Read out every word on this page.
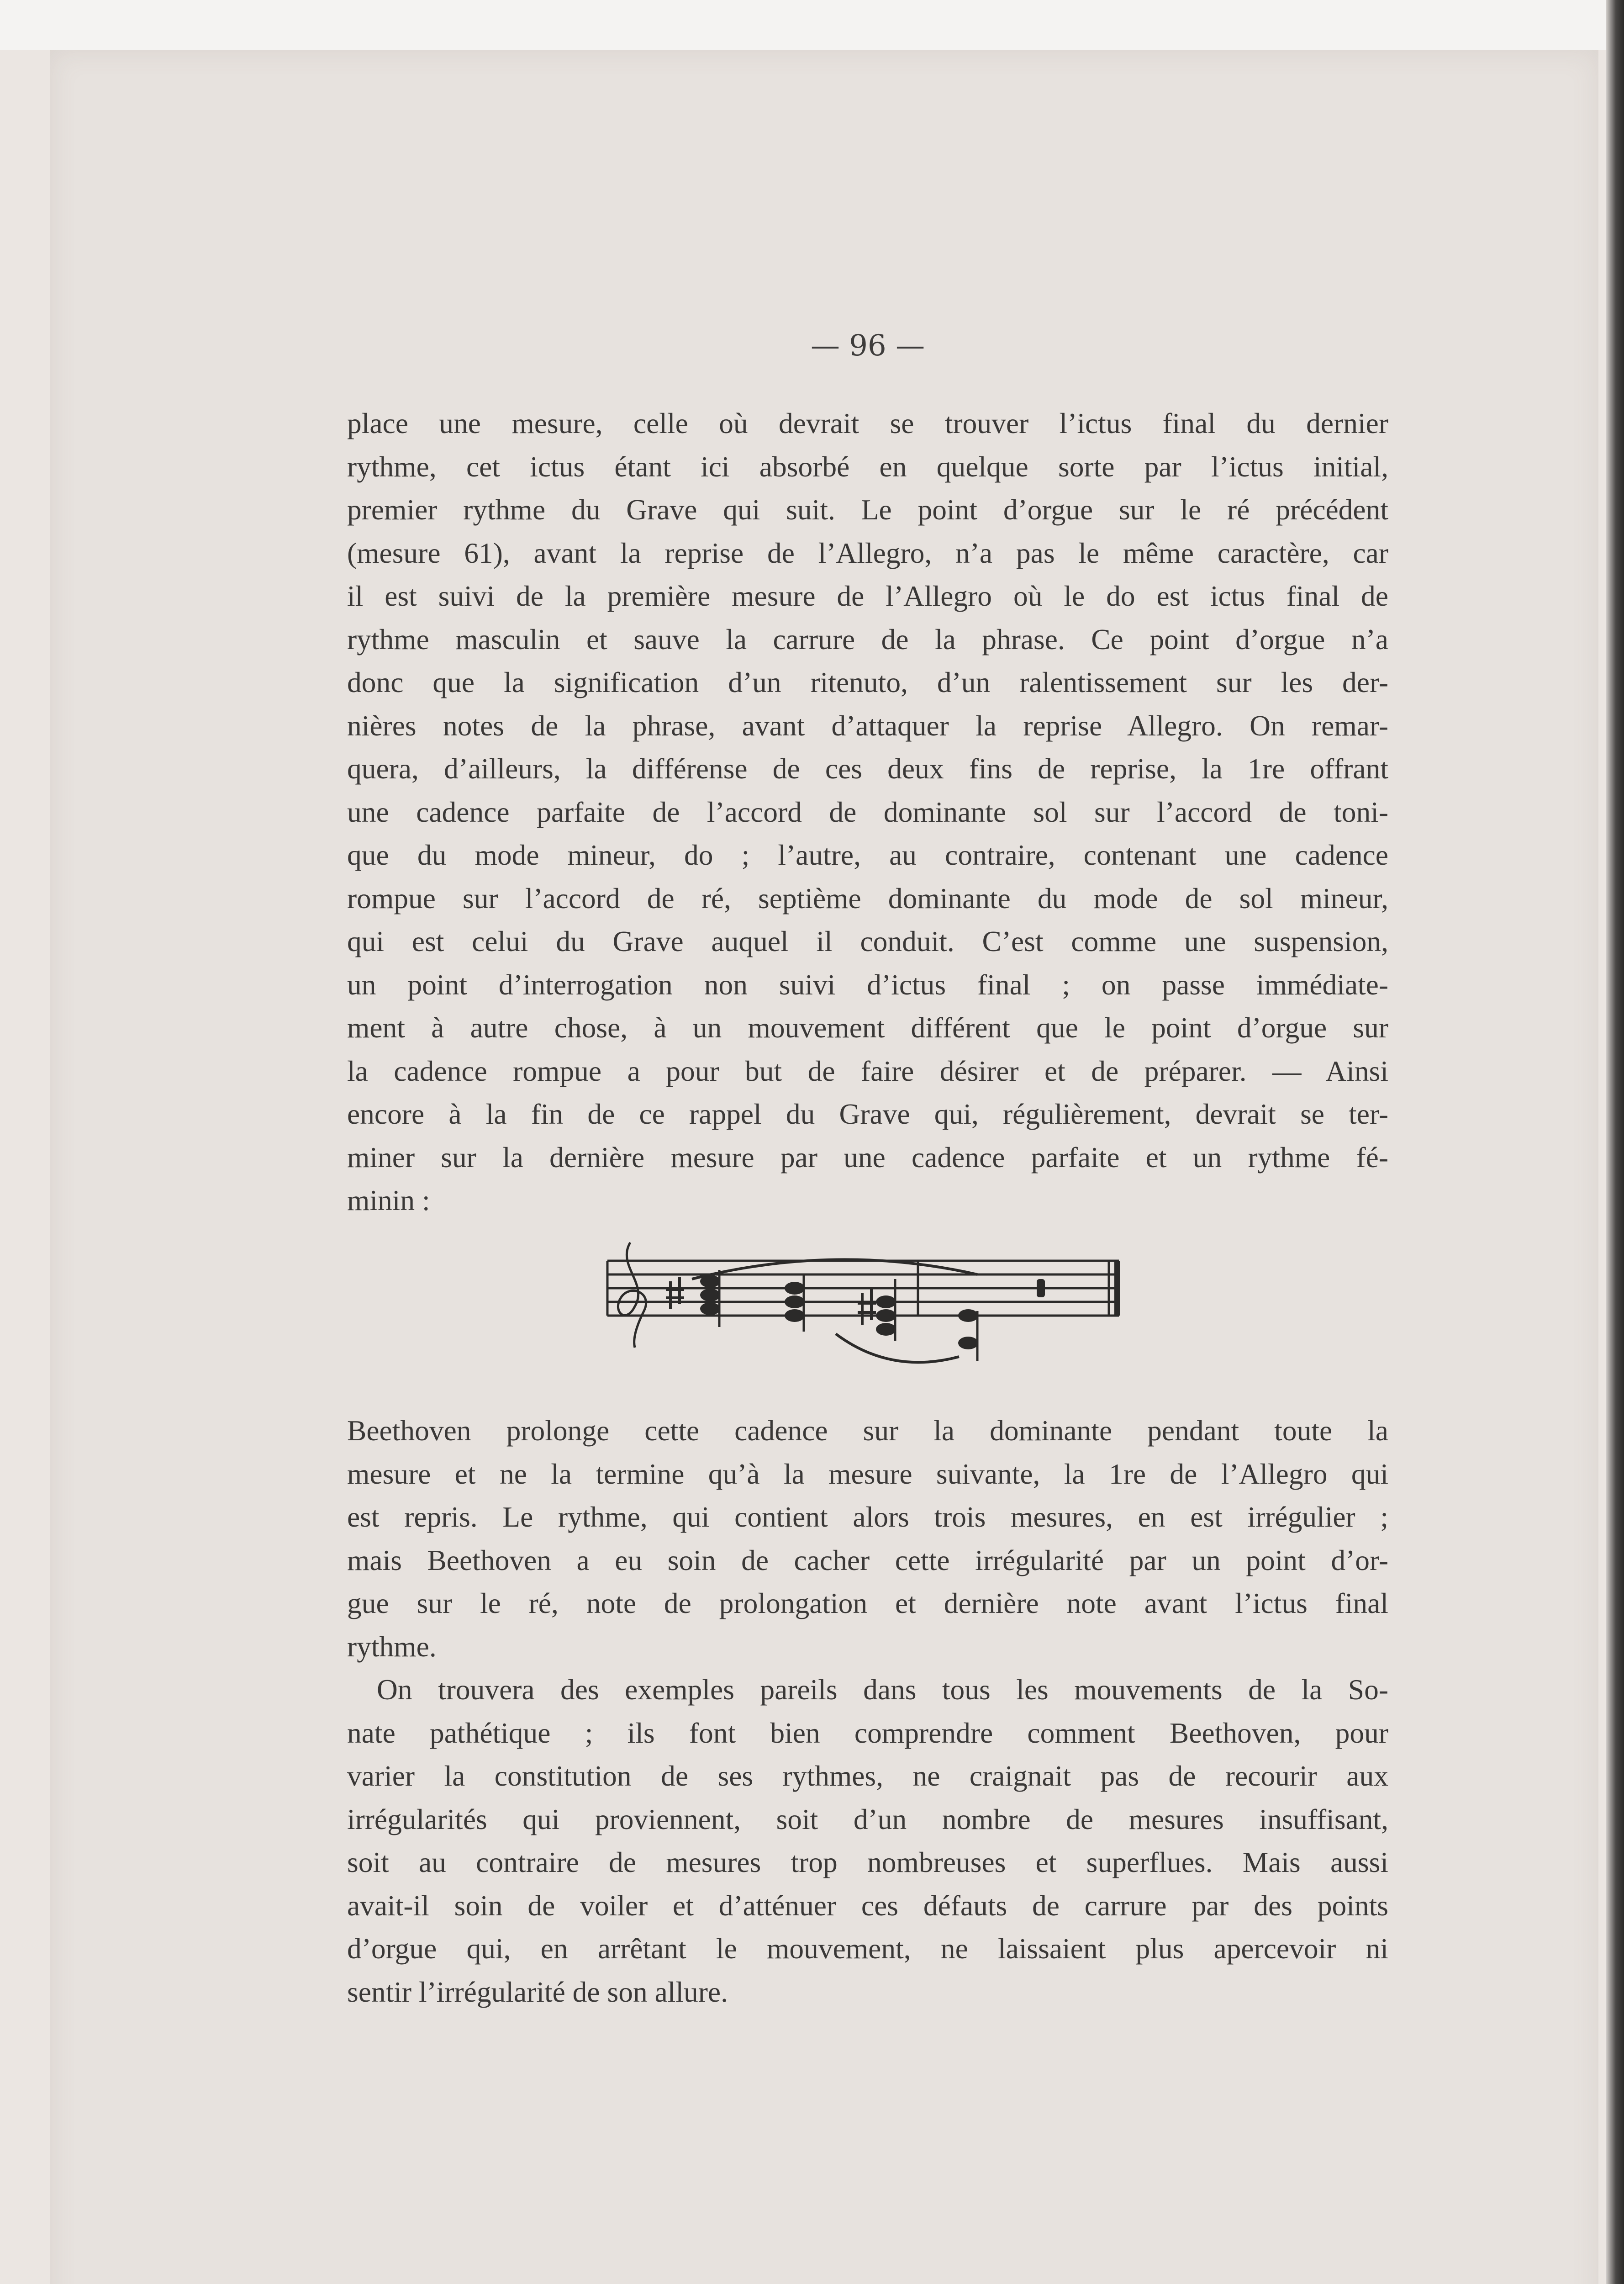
— 96 —
place une mesure, celle où devrait se trouver l’ictus final du dernier
rythme, cet ictus étant ici absorbé en quelque sorte par l’ictus initial,
premier rythme du Grave qui suit. Le point d’orgue sur le ré précédent
(mesure 61), avant la reprise de l’Allegro, n’a pas le même caractère, car
il est suivi de la première mesure de l’Allegro où le do est ictus final de
rythme masculin et sauve la carrure de la phrase. Ce point d’orgue n’a
donc que la signification d’un ritenuto, d’un ralentissement sur les der-
nières notes de la phrase, avant d’attaquer la reprise Allegro. On remar-
quera, d’ailleurs, la différense de ces deux fins de reprise, la 1re offrant
une cadence parfaite de l’accord de dominante sol sur l’accord de toni-
que du mode mineur, do ; l’autre, au contraire, contenant une cadence
rompue sur l’accord de ré, septième dominante du mode de sol mineur,
qui est celui du Grave auquel il conduit. C’est comme une suspension,
un point d’interrogation non suivi d’ictus final ; on passe immédiate-
ment à autre chose, à un mouvement différent que le point d’orgue sur
la cadence rompue a pour but de faire désirer et de préparer. — Ainsi
encore à la fin de ce rappel du Grave qui, régulièrement, devrait se ter-
miner sur la dernière mesure par une cadence parfaite et un rythme fé-
minin :
Beethoven prolonge cette cadence sur la dominante pendant toute la
mesure et ne la termine qu’à la mesure suivante, la 1re de l’Allegro qui
est repris. Le rythme, qui contient alors trois mesures, en est irrégulier ;
mais Beethoven a eu soin de cacher cette irrégularité par un point d’or-
gue sur le ré, note de prolongation et dernière note avant l’ictus final
rythme.
On trouvera des exemples pareils dans tous les mouvements de la So-
nate pathétique ; ils font bien comprendre comment Beethoven, pour
varier la constitution de ses rythmes, ne craignait pas de recourir aux
irrégularités qui proviennent, soit d’un nombre de mesures insuffisant,
soit au contraire de mesures trop nombreuses et superflues. Mais aussi
avait-il soin de voiler et d’atténuer ces défauts de carrure par des points
d’orgue qui, en arrêtant le mouvement, ne laissaient plus apercevoir ni
sentir l’irrégularité de son allure.
